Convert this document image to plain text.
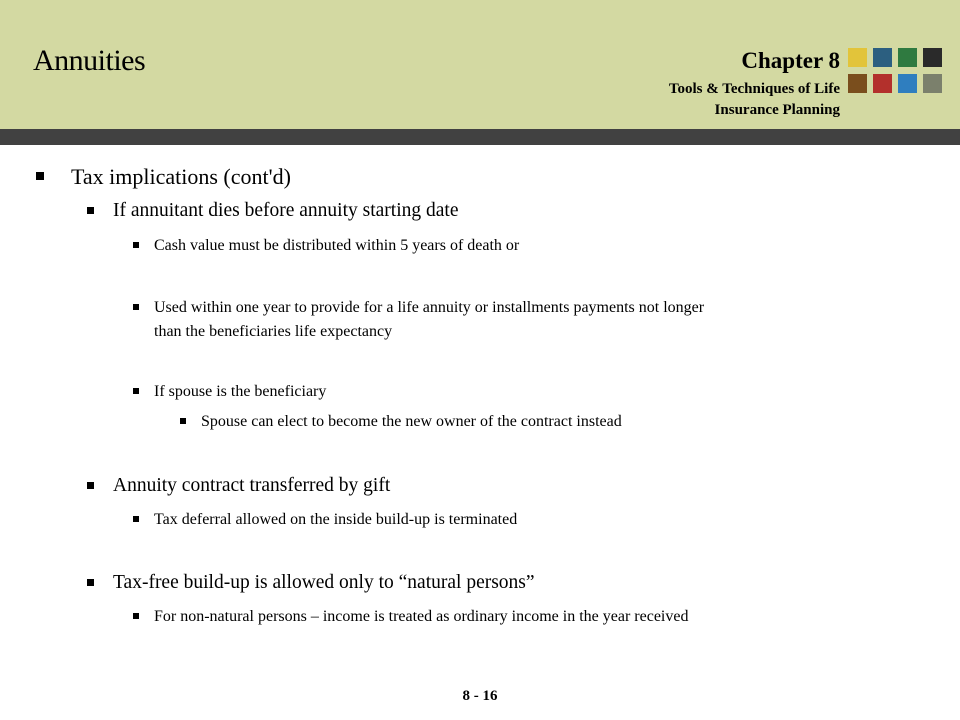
Annuities	Chapter 8
Tools & Techniques of Life
Insurance Planning
Tax implications (cont'd)
If annuitant dies before annuity starting date
Cash value must be distributed within 5 years of death or
Used within one year to provide for a life annuity or installments payments not longer
than the beneficiaries life expectancy
If spouse is the beneficiary
Spouse can elect to become the new owner of the contract instead
Annuity contract transferred by gift
Tax deferral allowed on the inside build-up is terminated
Tax-free build-up is allowed only to “natural persons”
For non-natural persons – income is treated as ordinary income in the year received
8 - 16
